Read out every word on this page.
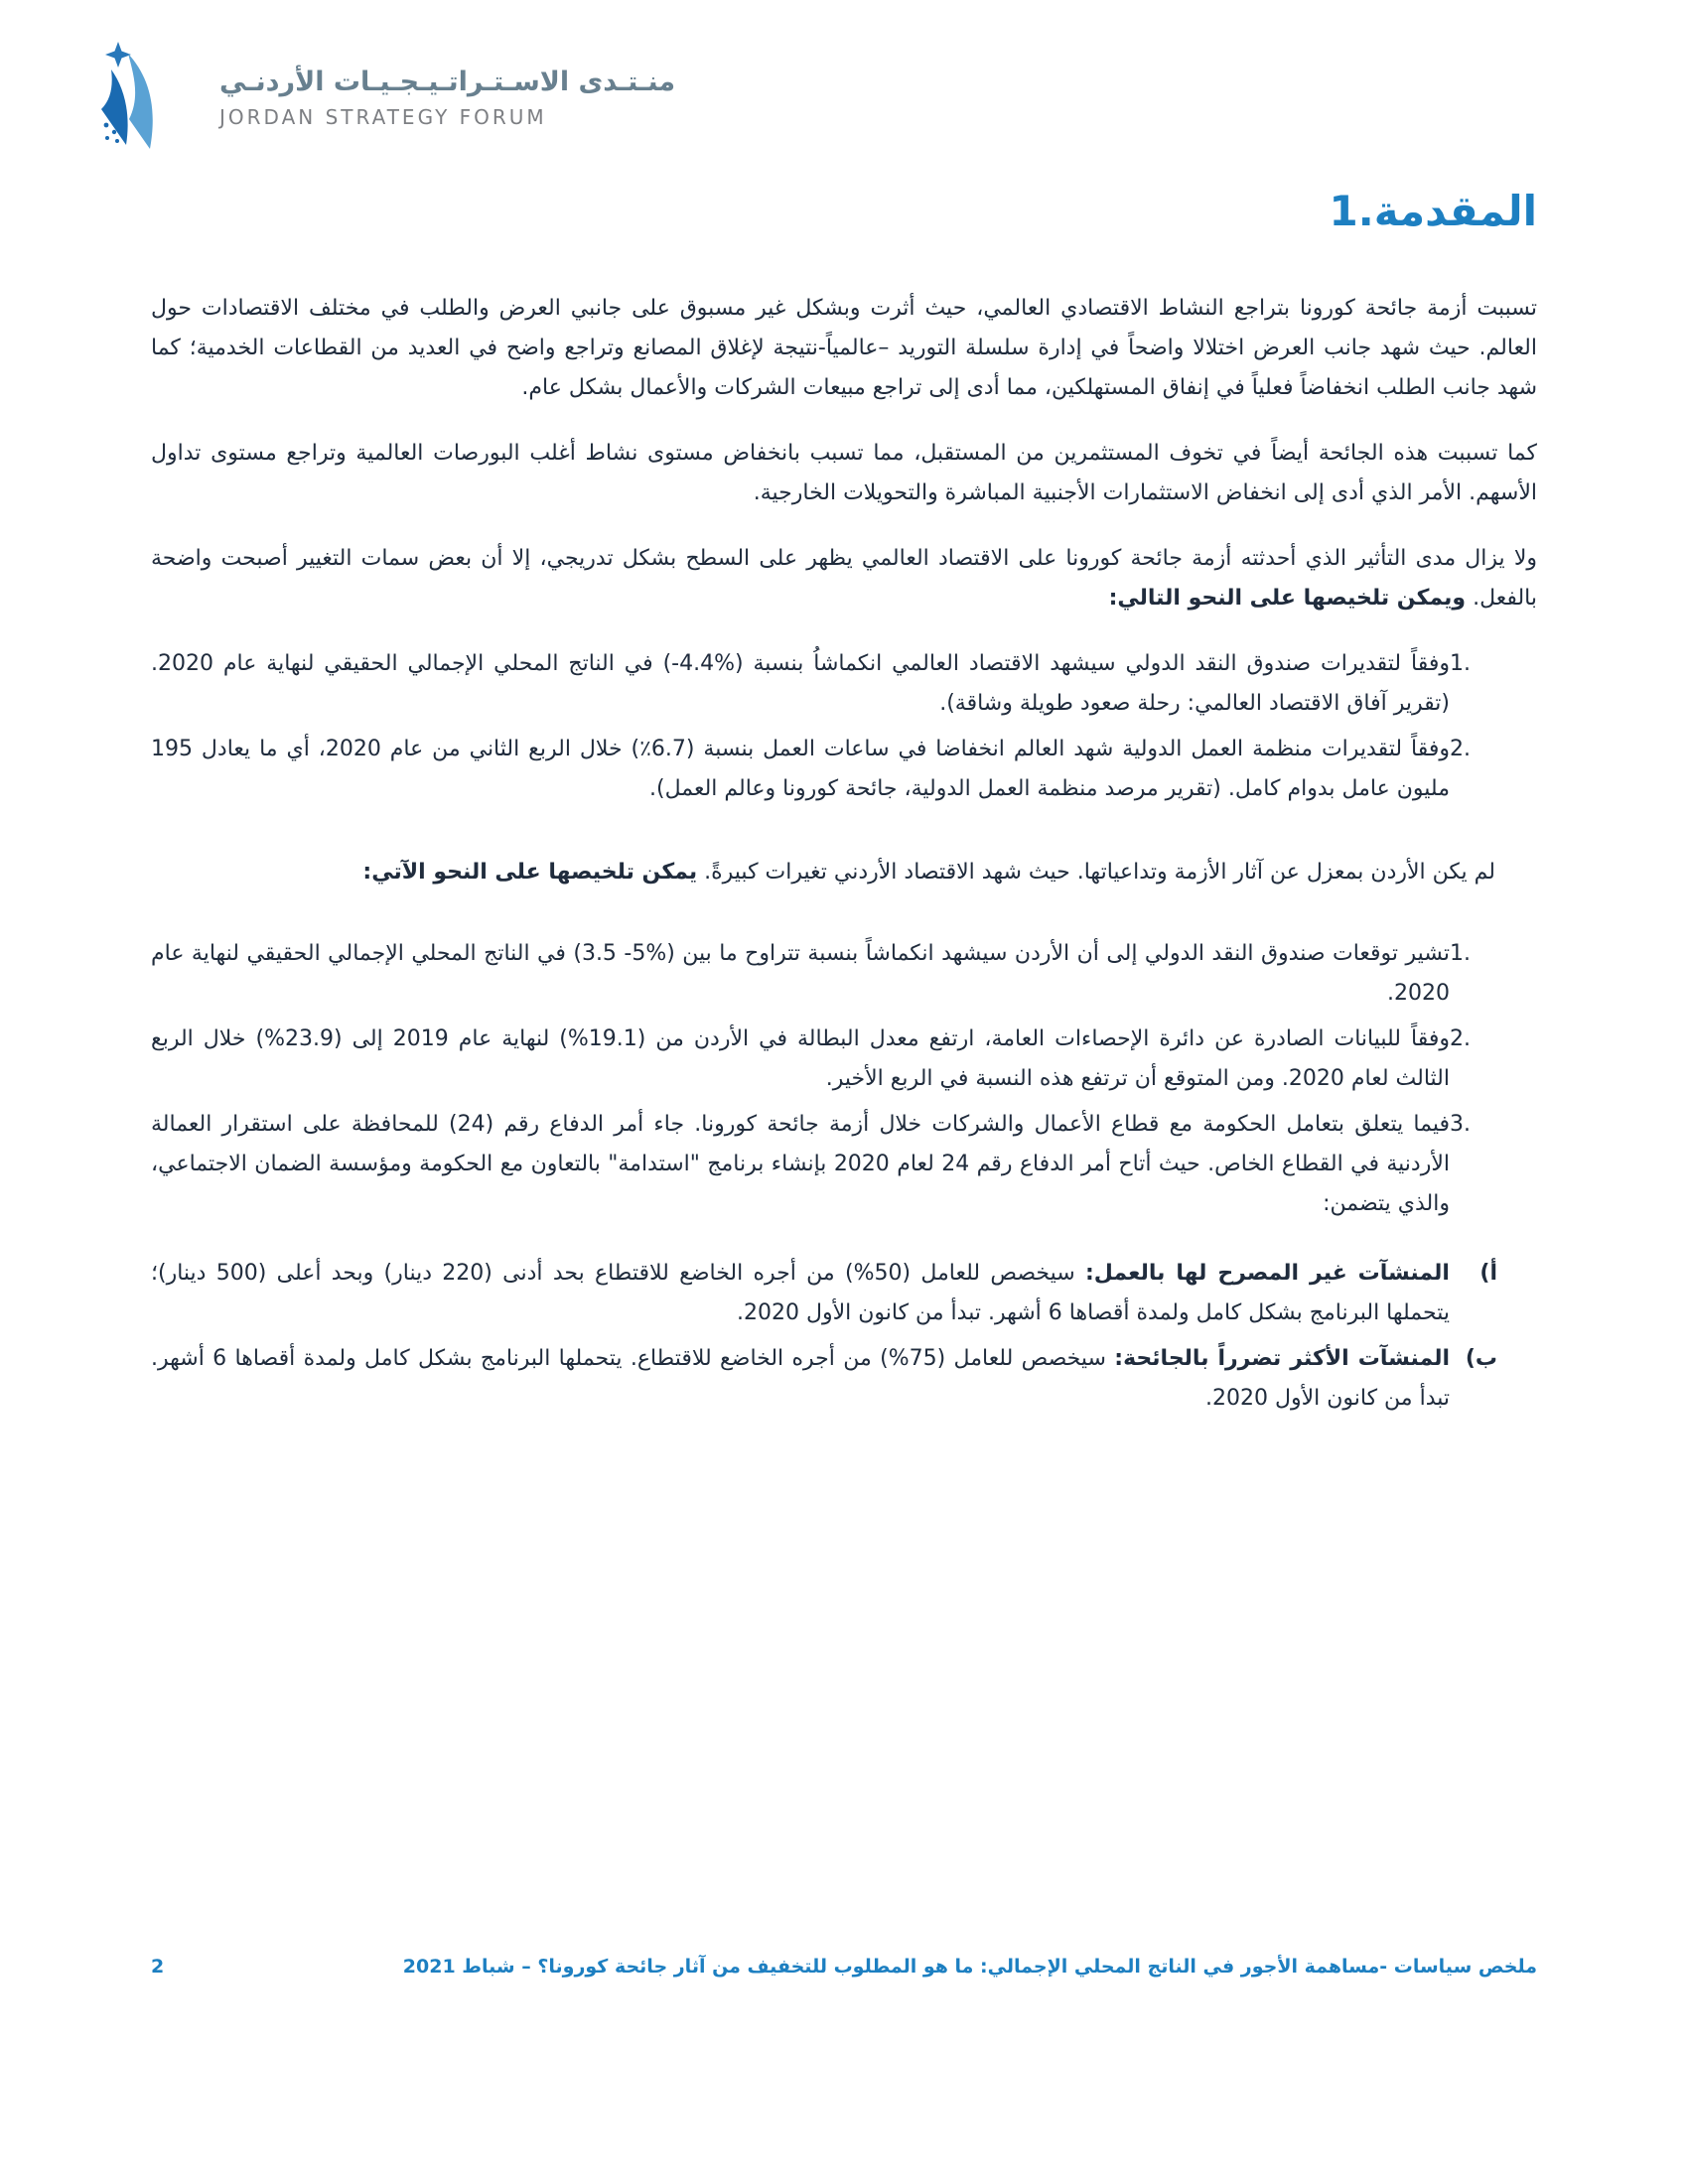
منـتـدى الاسـتـراتـيـجـيـات الأردنـي
JORDAN STRATEGY FORUM
1.المقدمة

تسببت أزمة جائحة كورونا بتراجع النشاط الاقتصادي العالمي، حيث أثرت وبشكل غير مسبوق على جانبي العرض والطلب في مختلف الاقتصادات حول العالم. حيث شهد جانب العرض اختلالا واضحاً في إدارة سلسلة التوريد –عالمياً-نتيجة لإغلاق المصانع وتراجع واضح في العديد من القطاعات الخدمية؛ كما شهد جانب الطلب انخفاضاً فعلياً في إنفاق المستهلكين، مما أدى إلى تراجع مبيعات الشركات والأعمال بشكل عام.

كما تسببت هذه الجائحة أيضاً في تخوف المستثمرين من المستقبل، مما تسبب بانخفاض مستوى نشاط أغلب البورصات العالمية وتراجع مستوى تداول الأسهم. الأمر الذي أدى إلى انخفاض الاستثمارات الأجنبية المباشرة والتحويلات الخارجية.

ولا يزال مدى التأثير الذي أحدثته أزمة جائحة كورونا على الاقتصاد العالمي يظهر على السطح بشكل تدريجي، إلا أن بعض سمات التغيير أصبحت واضحة بالفعل. ويمكن تلخيصها على النحو التالي:

1.
وفقاً لتقديرات صندوق النقد الدولي سيشهد الاقتصاد العالمي انكماشاُ بنسبة ⁦(-4.4%)⁩ في الناتج المحلي الإجمالي الحقيقي لنهاية عام 2020. (تقرير آفاق الاقتصاد العالمي: رحلة صعود طويلة وشاقة).
2.
وفقاً لتقديرات منظمة العمل الدولية شهد العالم انخفاضا في ساعات العمل بنسبة (6.7٪) خلال الربع الثاني من عام 2020، أي ما يعادل 195 مليون عامل بدوام كامل. (تقرير مرصد منظمة العمل الدولية، جائحة كورونا وعالم العمل).

لم يكن الأردن بمعزل عن آثار الأزمة وتداعياتها. حيث شهد الاقتصاد الأردني تغيرات كبيرةً. يمكن تلخيصها على النحو الآتي:

1.
تشير توقعات صندوق النقد الدولي إلى أن الأردن سيشهد انكماشاً بنسبة تتراوح ما بين ⁦(3.5 -5%)⁩ في الناتج المحلي الإجمالي الحقيقي لنهاية عام 2020.
2.
وفقاً للبيانات الصادرة عن دائرة الإحصاءات العامة، ارتفع معدل البطالة في الأردن من (19.1%) لنهاية عام 2019 إلى (23.9%) خلال الربع الثالث لعام 2020. ومن المتوقع أن ترتفع هذه النسبة في الربع الأخير.
3.
فيما يتعلق بتعامل الحكومة مع قطاع الأعمال والشركات خلال أزمة جائحة كورونا. جاء أمر الدفاع رقم (24) للمحافظة على استقرار العمالة الأردنية في القطاع الخاص. حيث أتاح أمر الدفاع رقم 24 لعام 2020 بإنشاء برنامج "استدامة" بالتعاون مع الحكومة ومؤسسة الضمان الاجتماعي، والذي يتضمن:
أ)
المنشآت غير المصرح لها بالعمل: سيخصص للعامل (50%) من أجره الخاضع للاقتطاع بحد أدنى (220 دينار) وبحد أعلى (500 دينار)؛ يتحملها البرنامج بشكل كامل ولمدة أقصاها 6 أشهر. تبدأ من كانون الأول 2020.
ب)
المنشآت الأكثر تضرراً بالجائحة: سيخصص للعامل (75%) من أجره الخاضع للاقتطاع. يتحملها البرنامج بشكل كامل ولمدة أقصاها 6 أشهر. تبدأ من كانون الأول 2020.
ملخص سياسات -مساهمة الأجور في الناتج المحلي الإجمالي: ما هو المطلوب للتخفيف من آثار جائحة كورونا؟ – شباط 2021
2
